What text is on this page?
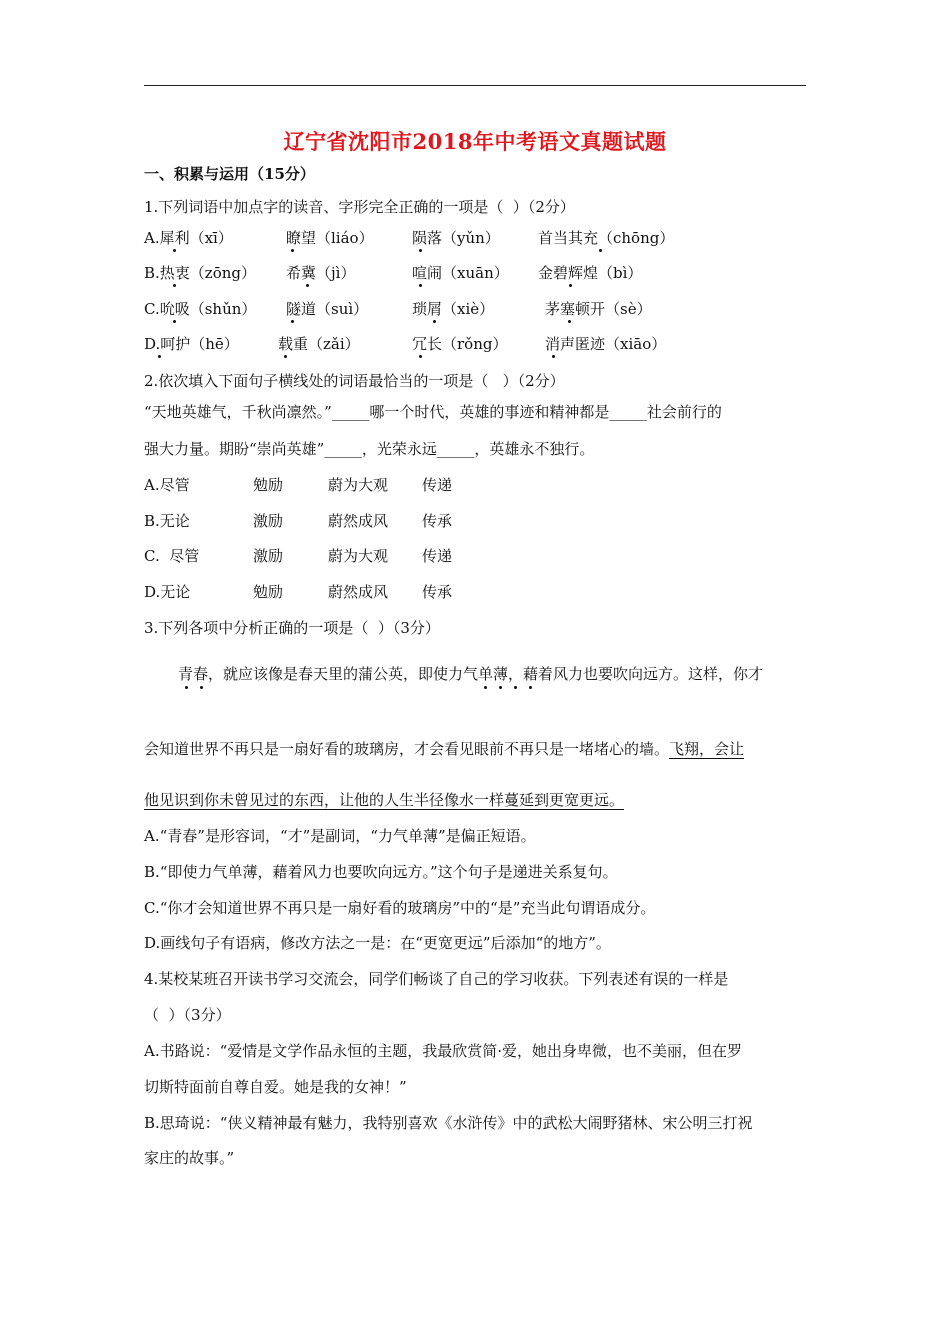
辽宁省沈阳市2018年中考语文真题试题
一、积累与运用（15分）
1.下列词语中加点字的读音、字形完全正确的一项是（  ）（2分）
A.犀利（xī）	瞭望（liáo）	陨落（yǔn）	首当其充（chōng）
B.热衷（zōng） 希冀（jì）	喧闹（xuān） 金碧辉煌（bì）
C.吮吸（shǔn） 隧道（suì）	琐屑（xiè）	茅塞顿开（sè）
D.呵护（hē）	载重（zǎi）	冗长（rǒng）	消声匿迹（xiāo）
2.依次填入下面句子横线处的词语最恰当的一项是（   ）（2分）
“天地英雄气，千秋尚凛然。”_____哪一个时代，英雄的事迹和精神都是_____社会前行的
强大力量。期盼“崇尚英雄”_____，光荣永远_____，英雄永不独行。
A.尽管	勉励	蔚为大观 传递
B.无论	激励	蔚然成风 传承
C.  尽管	激励	蔚为大观 传递
D.无论	勉励	蔚然成风 传承
3.下列各项中分析正确的一项是（  ）（3分）
青春，就应该像是春天里的蒲公英，即使力气单薄，藉着风力也要吹向远方。这样，你才
会知道世界不再只是一扇好看的玻璃房，才会看见眼前不再只是一堵堵心的墙。飞翔，会让
他见识到你未曾见过的东西，让他的人生半径像水一样蔓延到更宽更远。
A.“青春”是形容词，“才”是副词，“力气单薄”是偏正短语。
B.“即使力气单薄，藉着风力也要吹向远方。”这个句子是递进关系复句。
C.“你才会知道世界不再只是一扇好看的玻璃房”中的“是”充当此句谓语成分。
D.画线句子有语病，修改方法之一是：在“更宽更远”后添加“的地方”。
4.某校某班召开读书学习交流会，同学们畅谈了自己的学习收获。下列表述有误的一样是
（  ）（3分）
A.书路说：“爱情是文学作品永恒的主题，我最欣赏简·爱，她出身卑微，也不美丽，但在罗
切斯特面前自尊自爱。她是我的女神！”
B.思琦说：“侠义精神最有魅力，我特别喜欢《水浒传》中的武松大闹野猪林、宋公明三打祝
家庄的故事。”
